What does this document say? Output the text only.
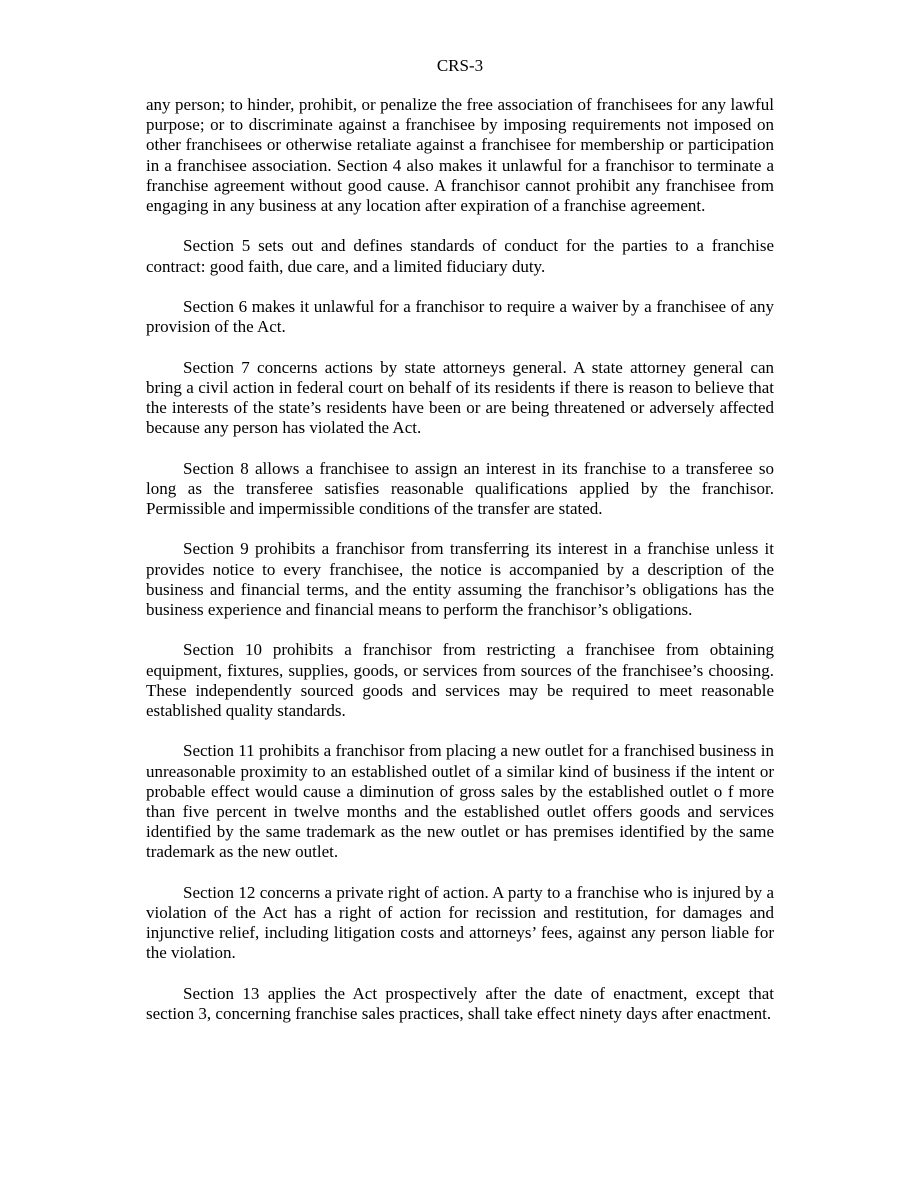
CRS-3

any person; to hinder, prohibit, or penalize the free association of franchisees for any lawful purpose; or to discriminate against a franchisee by imposing requirements not imposed on other franchisees or otherwise retaliate against a franchisee for membership or participation in a franchisee association. Section 4 also makes it unlawful for a franchisor to terminate a franchise agreement without good cause. A franchisor cannot prohibit any franchisee from engaging in any business at any location after expiration of a franchise agreement.

Section 5 sets out and defines standards of conduct for the parties to a franchise contract: good faith, due care, and a limited fiduciary duty.

Section 6 makes it unlawful for a franchisor to require a waiver by a franchisee of any provision of the Act.

Section 7 concerns actions by state attorneys general. A state attorney general can bring a civil action in federal court on behalf of its residents if there is reason to believe that the interests of the state’s residents have been or are being threatened or adversely affected because any person has violated the Act.

Section 8 allows a franchisee to assign an interest in its franchise to a transferee so long as the transferee satisfies reasonable qualifications applied by the franchisor. Permissible and impermissible conditions of the transfer are stated.

Section 9 prohibits a franchisor from transferring its interest in a franchise unless it provides notice to every franchisee, the notice is accompanied by a description of the business and financial terms, and the entity assuming the franchisor’s obligations has the business experience and financial means to perform the franchisor’s obligations.

Section 10 prohibits a franchisor from restricting a franchisee from obtaining equipment, fixtures, supplies, goods, or services from sources of the franchisee’s choosing. These independently sourced goods and services may be required to meet reasonable established quality standards.

Section 11 prohibits a franchisor from placing a new outlet for a franchised business in unreasonable proximity to an established outlet of a similar kind of business if the intent or probable effect would cause a diminution of gross sales by the established outlet o f more than five percent in twelve months and the established outlet offers goods and services identified by the same trademark as the new outlet or has premises identified by the same trademark as the new outlet.

Section 12 concerns a private right of action. A party to a franchise who is injured by a violation of the Act has a right of action for recission and restitution, for damages and injunctive relief, including litigation costs and attorneys’ fees, against any person liable for the violation.

Section 13 applies the Act prospectively after the date of enactment, except that section 3, concerning franchise sales practices, shall take effect ninety days after enactment.
